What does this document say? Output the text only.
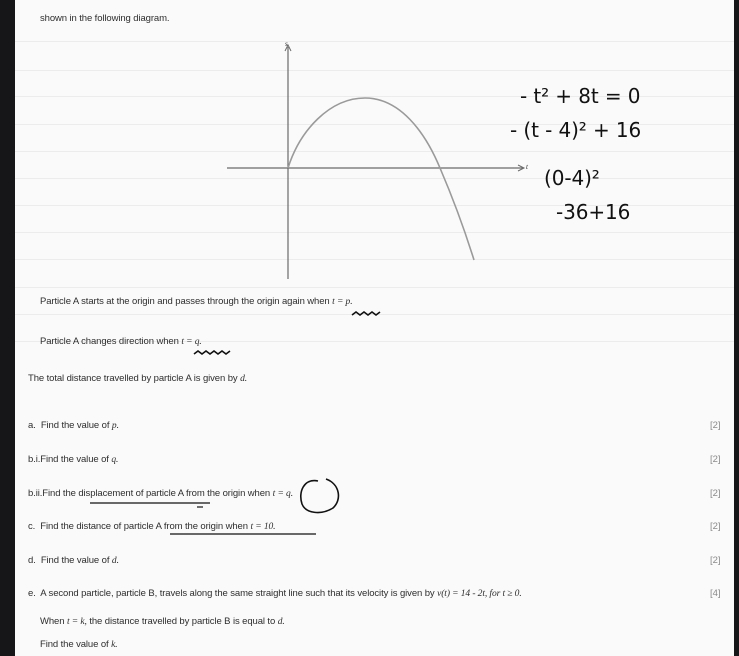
shown in the following diagram.
t
s
- t² + 8t = 0
- (t - 4)² + 16
(0-4)²
-36+16
Particle A starts at the origin and passes through the origin again when t = p.
Particle A changes direction when t = q.
The total distance travelled by particle A is given by d.
a. Find the value of p.	[2]
b.i.Find the value of q.	[2]
b.ii.Find the displacement of particle A from the origin when t = q.	[2]
c. Find the distance of particle A from the origin when t = 10.	[2]
d. Find the value of d.	[2]
e. A second particle, particle B, travels along the same straight line such that its velocity is given by v(t) = 14 - 2t, for t ≥ 0.	[4]
When t = k, the distance travelled by particle B is equal to d.
Find the value of k.
